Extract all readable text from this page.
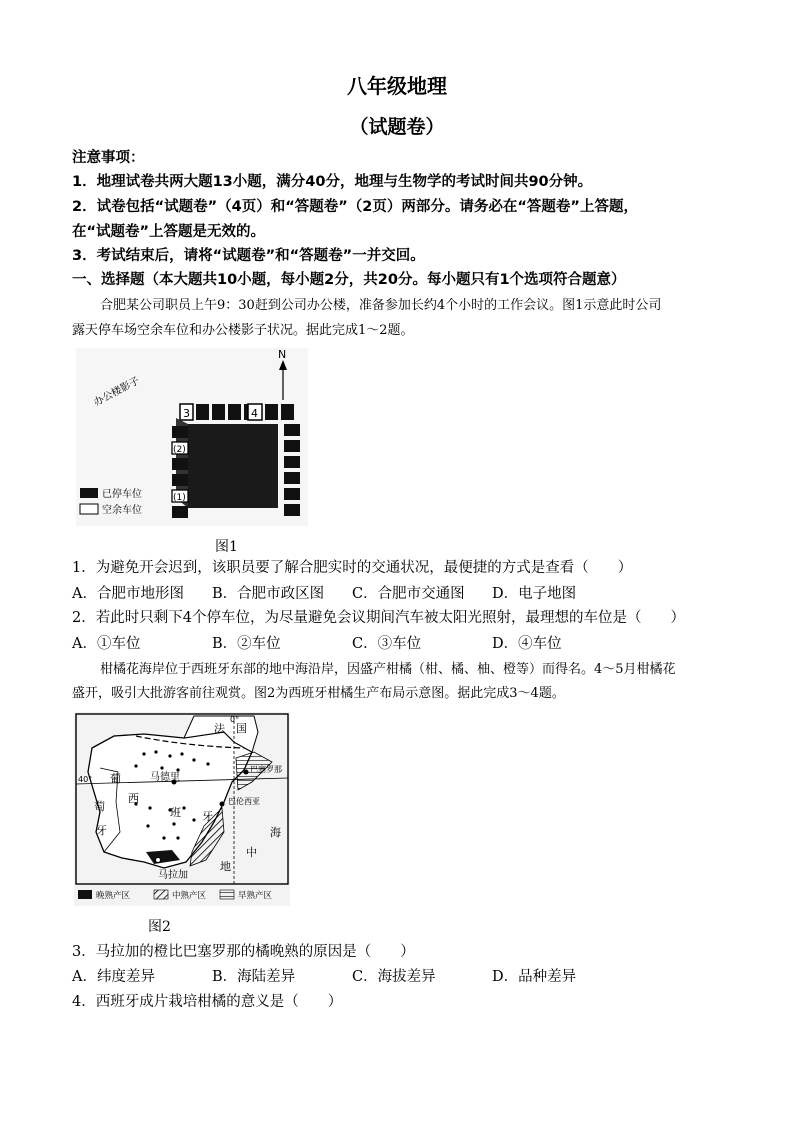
八年级地理
（试题卷）
注意事项：
1．地理试卷共两大题13小题，满分40分，地理与生物学的考试时间共90分钟。
2．试卷包括“试题卷”（4页）和“答题卷”（2页）两部分。请务必在“答题卷”上答题，
在“试题卷”上答题是无效的。
3．考试结束后，请将“试题卷”和“答题卷”一并交回。
一、选择题（本大题共10小题，每小题2分，共20分。每小题只有1个选项符合题意）
合肥某公司职员上午9：30赶到公司办公楼，准备参加长约4个小时的工作会议。图1示意此时公司
露天停车场空余车位和办公楼影子状况。据此完成1～2题。
N
办公楼影子
3	4
(2)
(1)
已停车位
空余车位
图1
1．为避免开会迟到，该职员要了解合肥实时的交通状况，最便捷的方式是查看（　　）
A．合肥市地形图 B．合肥市政区图 C．合肥市交通图 D．电子地图
2．若此时只剩下4个停车位，为尽量避免会议期间汽车被太阳光照射，最理想的车位是（　　）
A．①车位	B．②车位	C．③车位	D．④车位
柑橘花海岸位于西班牙东部的地中海沿岸，因盛产柑橘（柑、橘、柚、橙等）而得名。4～5月柑橘花
盛开，吸引大批游客前往观赏。图2为西班牙柑橘生产布局示意图。据此完成3～4题。
法 国
0°
40° 葡
萄
牙
马德里
西
班 牙
巴塞罗那
巴伦西亚
海
中
地
马拉加
晚熟产区	中熟产区	早熟产区
图2
3．马拉加的橙比巴塞罗那的橘晚熟的原因是（　　）
A．纬度差异	B．海陆差异	C．海拔差异	D．品种差异
4．西班牙成片栽培柑橘的意义是（　　）
